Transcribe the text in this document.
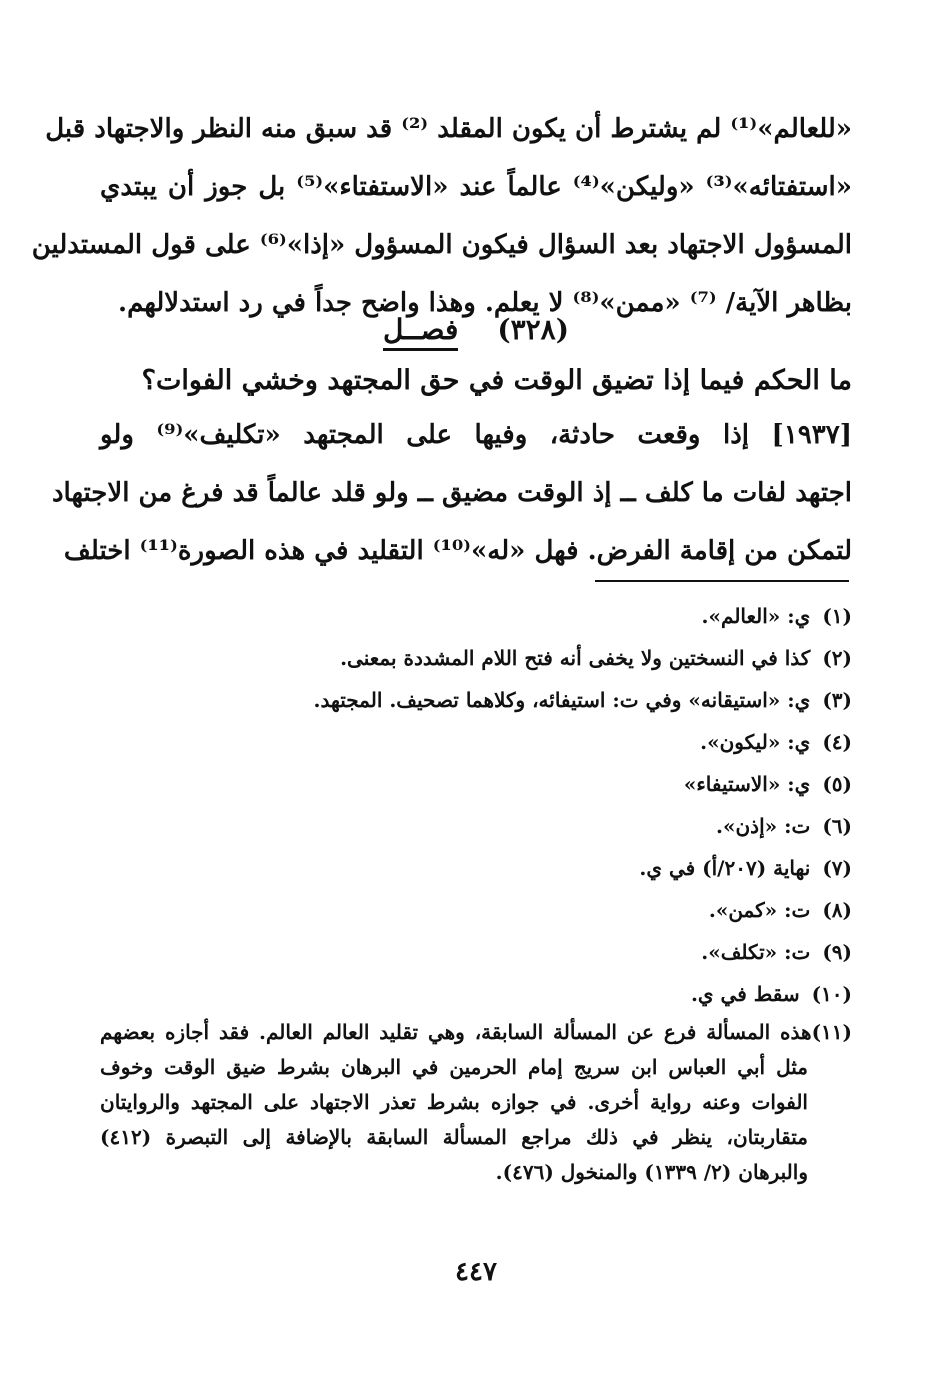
«للعالم»⁽¹⁾ لم يشترط أن يكون المقلد ⁽²⁾ قد سبق منه النظر والاجتهاد قبل
«استفتائه»⁽³⁾ «وليكن»⁽⁴⁾ عالماً عند «الاستفتاء»⁽⁵⁾ بل جوز أن يبتدي
المسؤول الاجتهاد بعد السؤال فيكون المسؤول «إذا»⁽⁶⁾ على قول المستدلين
بظاهر الآية/ ⁽⁷⁾ «ممن»⁽⁸⁾ لا يعلم. وهذا واضح جداً في رد استدلالهم.
(٣٢٨)    فصــل
ما الحكم فيما إذا تضيق الوقت في حق المجتهد وخشي الفوات؟
[١٩٣٧] إذا وقعت حادثة، وفيها على المجتهد «تكليف»⁽⁹⁾ ولو
اجتهد لفات ما كلف ــ إذ الوقت مضيق ــ ولو قلد عالماً قد فرغ من الاجتهاد
لتمكن من إقامة الفرض. فهل «له»⁽¹⁰⁾ التقليد في هذه الصورة⁽¹¹⁾ اختلف
(١)ي: «العالم».
(٢)كذا في النسختين ولا يخفى أنه فتح اللام المشددة بمعنى.
(٣)ي: «استيقانه» وفي ت: استيفائه، وكلاهما تصحيف. المجتهد.
(٤)ي: «ليكون».
(٥)ي: «الاستيفاء»
(٦)ت: «إذن».
(٧)نهاية (٢٠٧/أ) في ي.
(٨)ت: «كمن».
(٩)ت: «تكلف».
(١٠)سقط في ي.
(١١)هذه المسألة فرع عن المسألة السابقة، وهي تقليد العالم العالم. فقد أجازه بعضهم
مثل أبي العباس ابن سريج إمام الحرمين في البرهان بشرط ضيق الوقت وخوف
الفوات وعنه رواية أخرى. في جوازه بشرط تعذر الاجتهاد على المجتهد والروايتان
متقاربتان، ينظر في ذلك مراجع المسألة السابقة بالإضافة إلى التبصرة (٤١٢)
والبرهان (٢/ ١٣٣٩) والمنخول (٤٧٦).
٤٤٧
